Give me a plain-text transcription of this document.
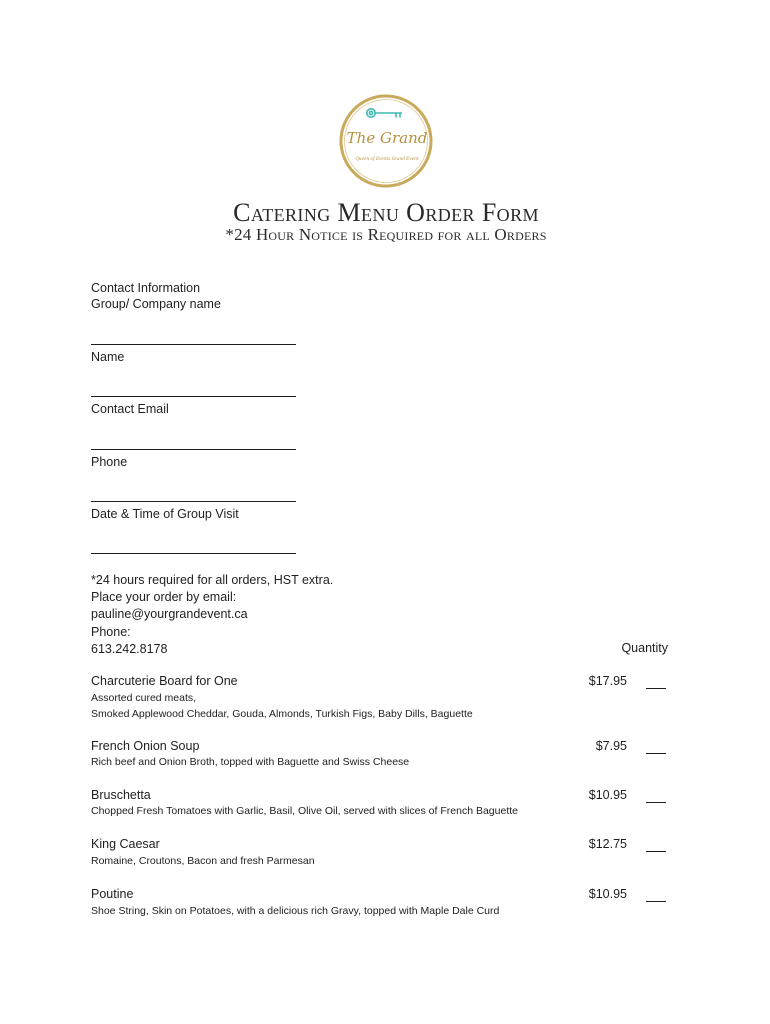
The Grand
Queen of Events Grand Event
Catering Menu Order Form
*24 Hour Notice is Required for all Orders
Contact Information
Group/ Company name
Name
Contact Email
Phone
Date & Time of Group Visit
*24 hours required for all orders, HST extra.
Place your order by email:
pauline@yourgrandevent.ca
Phone:
613.242.8178	Quantity
Charcuterie Board for One	$17.95
Assorted cured meats,
Smoked Applewood Cheddar, Gouda, Almonds, Turkish Figs, Baby Dills, Baguette
French Onion Soup	$7.95
Rich beef and Onion Broth, topped with Baguette and Swiss Cheese
Bruschetta	$10.95
Chopped Fresh Tomatoes with Garlic, Basil, Olive Oil, served with slices of French Baguette
King Caesar	$12.75
Romaine, Croutons, Bacon and fresh Parmesan
Poutine	$10.95
Shoe String, Skin on Potatoes, with a delicious rich Gravy, topped with Maple Dale Curd
